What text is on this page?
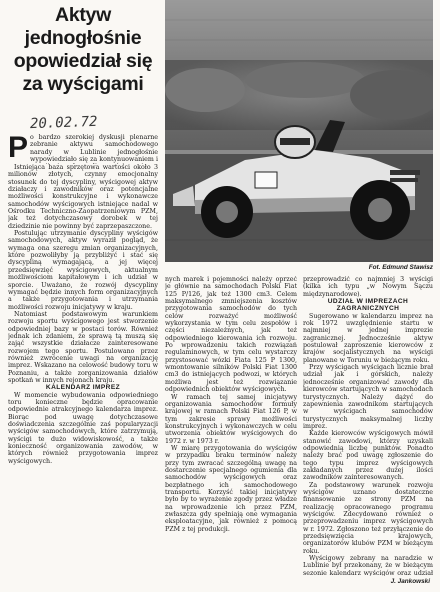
Aktyw
jednogłośnie
opowiedział się
za wyścigami
20.02.72
P o bardzo szerokiej dyskusji plenarne zebranie aktywu samochodowego narady w Lublinie jednogłośnie wypowiedziało się za kontynuowaniem i

Istniejąca baza sprzętowa wartości około 3 milionów złotych, czynny emocjonalny stosunek do tej dyscypliny, wyścigowej aktyw działaczy i zawodników oraz potencjalne możliwości konstrukcyjne i wykonawcze samochodów wyścigowych istniejące nadal w Ośrodku Techniczno-Zaopatrzeniowym PZM, jak też dotychczasowy dorobek w tej dziedzinie nie powinny być zaprzepaszczone.

Postulując utrzymanie dyscypliny wyścigów samochodowych, aktyw wyraził pogląd, że wymaga ona szeregu zmian organizacyjnych, które pozwoliłyby ją przybliżyć i stać się dyscypliną wymagającą, a jej więcej przedsięwzięć wyścigowych, aktualnym możliwościom kapitałowym i ich udział w sporcie. Uważano, że rozwój dyscypliny wymagać będzie innych form organizacyjnych a także przygotowania i utrzymania możliwości rozwoju inicjatywy w kraju.

Natomiast podstawowym warunkiem rozwoju sportu wyścigowego jest stworzenie odpowiedniej bazy w postaci torów. Również jednak ich zdaniem, że sprawą tą muszą się zająć wszystkie działacze zainteresowane rozwojem tego sportu. Postulowano przez również zwrócenie uwagi na organizację imprez. Wskazano na celowość budowy toru w Poznaniu, a także zorganizowania działów spotkań w innych rejonach kraju.

KALENDARZ IMPREZ

W momencie wybudowania odpowiedniego toru konieczne będzie opracowanie odpowiednie atrakcyjnego kalendarza imprez. Biorąc pod uwagę dotychczasowe doświadczenia szczególnie zaś popularyzacji wyścigów samochodowych, które zatrzymują, wyścigi te dużo widowiskowość, a także konieczność organizowania zawodów, w których również przygotowania imprez wyścigowych.

Fot. Edmund Stawisz

nych marek i pojemności należy oprzeć je głównie na samochodach Polski Fiat 125 P/126, jak też 1300 cm3. Celem maksymalnego zmniejszenia kosztów przygotowania samochodów do tych celów rozważyć możliwość wykorzystania w tym celu zespołów i części niezależnych, jak też odpowiedniego kierowania ich rozwoju. Po wprowadzeniu takich rozwiązań regulaminowych, w tym celu wystarczy przystosować wózki Fiata 125 P 1300, wmontowanie silników Polski Fiat 1300 cm3 do istniejących podwozi, w których możliwa jest też rozwiązanie odpowiednich obiektów wyścigowych.

W ramach tej samej inicjatywy organizowania samochodów formuły krajowej w ramach Polski Fiat 126 P, w tym zakresie sprawy możliwości konstrukcyjnych i wykonawczych w celu utworzenia obiektów wyścigowych do 1972 r. w 1973 r.

W miarę przygotowania do wyścigów w przypadku braku terminów należy przy tym zwracać szczególną uwagę na dostarczenie specjalnego ogumienia dla samochodów wyścigowych oraz bezpłatnego ich samochodowego transportu. Korzyść takiej inicjatywy było by to wyrażenie zgody przez władze na wprowadzenie ich przez PZM, zwłaszcza gdy spełniają one wymagania eksploatacyjne, jak również z pomocą PZM z tej produkcji.

przeprowadzić co najmniej 3 wyścigi (kilka ich typu „w Nowym Sączu międzynarodowe).

UDZIAŁ W IMPREZACH ZAGRANICZNYCH

Sugerowano w kalendarzu imprez na rok 1972 uwzględnienie startu w najmniej w jednej imprezie zagranicznej. Jednocześnie aktyw postulował zaproszenie kierowców z krajów socjalistycznych na wyścigi planowane w Toruniu w bieżącym roku.

Przy wyścigach wyścigach licznie brał udział jak i górskich, należy jednocześnie organizować zawody dla kierowców startujących w samochodach turystycznych. Należy dążyć do zapewnienia zawodnikom startujących w wyścigach samochodów turystycznych maksymalnej liczby imprez.

Każde kierowców wyścigowych mówił stanowić zawodowi, którzy uzyskali odpowiednią liczbę punktów. Ponadto należy brać pod uwagę zgłoszenie do tego typu imprez wyścigowych zakładanych przez dużej ilości zawodników zainteresowanych.

Za podstawowy warunek rozwoju wyścigów uznano dostateczne finansowanie ze strony PZM na realizację opracowanego programu wyścigów. Zdecydowano również o przeprowadzeniu imprez wyścigowych w r. 1972. Zgłoszono też przyłączenie do przedsięwzięcia krajowych, organizatorów klubów PZM w bieżącym roku.

Wyścigowy zebrany na naradzie w Lublinie był przekonany, że w bieżącym sezonie kalendarz wyścigów oraz udział

J. Jankowski
